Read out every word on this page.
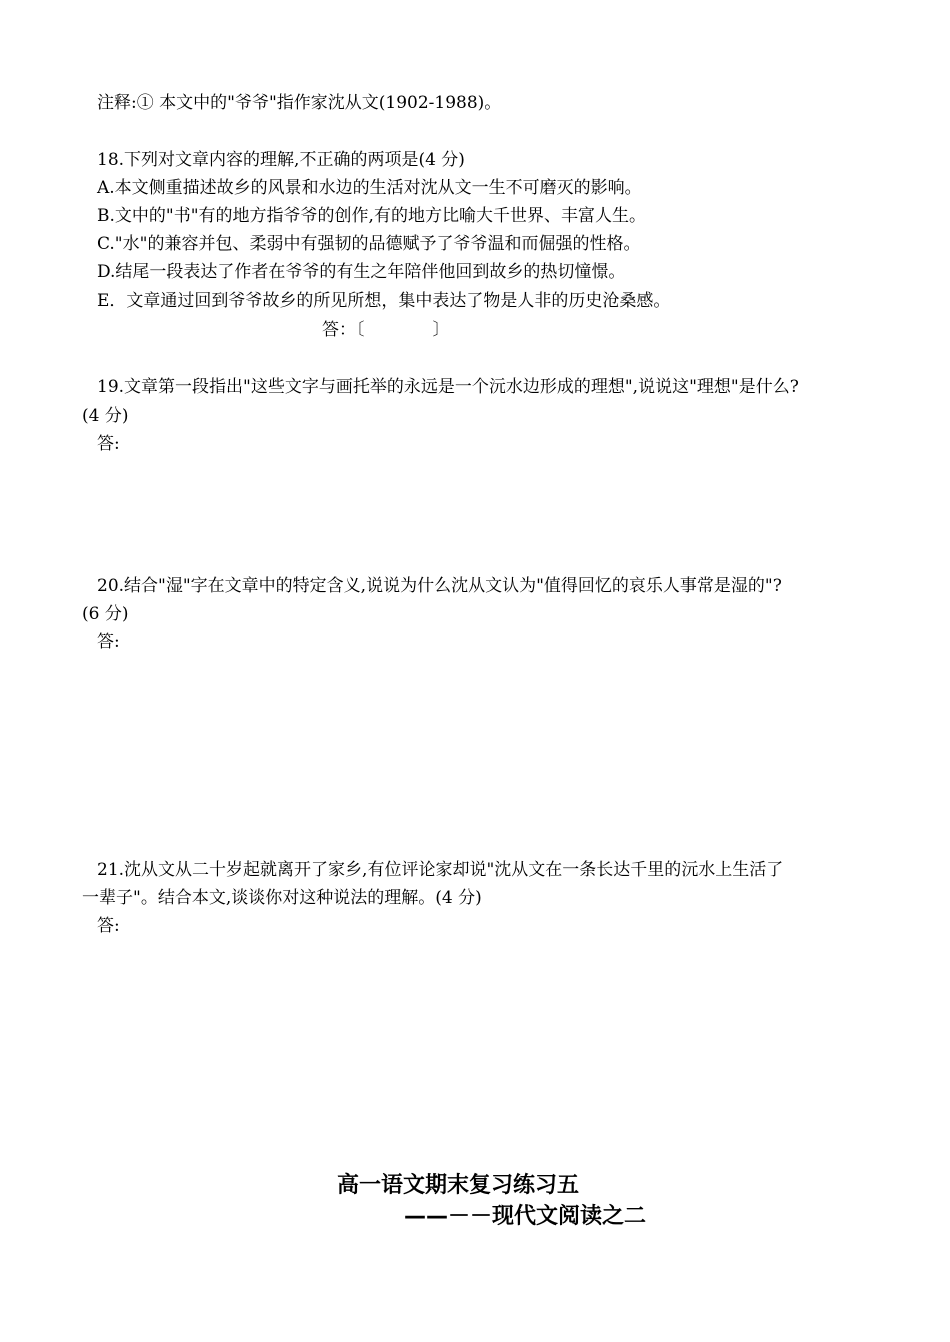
注释:① 本文中的"爷爷"指作家沈从文(1902-1988)。
18.下列对文章内容的理解,不正确的两项是(4 分)
A.本文侧重描述故乡的风景和水边的生活对沈从文一生不可磨灭的影响。
B.文中的"书"有的地方指爷爷的创作,有的地方比喻大千世界、丰富人生。
C."水"的兼容并包、柔弱中有强韧的品德赋予了爷爷温和而倔强的性格。
D.结尾一段表达了作者在爷爷的有生之年陪伴他回到故乡的热切憧憬。
E．文章通过回到爷爷故乡的所见所想，集中表达了物是人非的历史沧桑感。
答：〔　　　　〕
19.文章第一段指出"这些文字与画托举的永远是一个沅水边形成的理想",说说这"理想"是什么?
(4 分)
答:
20.结合"湿"字在文章中的特定含义,说说为什么沈从文认为"值得回忆的哀乐人事常是湿的"?
(6 分)
答:
21.沈从文从二十岁起就离开了家乡,有位评论家却说"沈从文在一条长达千里的沅水上生活了
一辈子"。结合本文,谈谈你对这种说法的理解。(4 分)
答:
高一语文期末复习练习五
——－－现代文阅读之二
